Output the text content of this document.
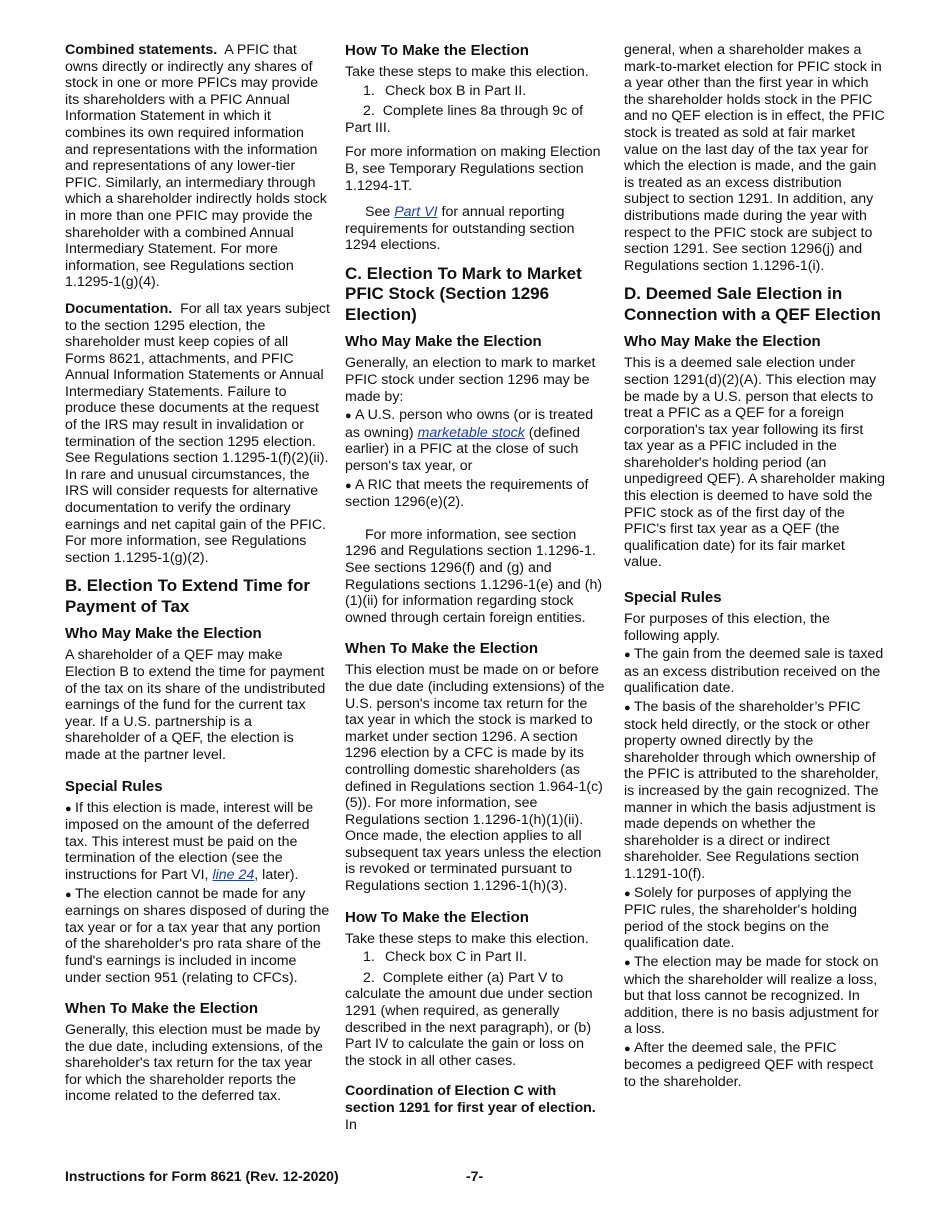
Combined statements. A PFIC that owns directly or indirectly any shares of stock in one or more PFICs may provide its shareholders with a PFIC Annual Information Statement in which it combines its own required information and representations with the information and representations of any lower-tier PFIC. Similarly, an intermediary through which a shareholder indirectly holds stock in more than one PFIC may provide the shareholder with a combined Annual Intermediary Statement. For more information, see Regulations section 1.1295-1(g)(4).

Documentation. For all tax years subject to the section 1295 election, the shareholder must keep copies of all Forms 8621, attachments, and PFIC Annual Information Statements or Annual Intermediary Statements. Failure to produce these documents at the request of the IRS may result in invalidation or termination of the section 1295 election. See Regulations section 1.1295-1(f)(2)(ii). In rare and unusual circumstances, the IRS will consider requests for alternative documentation to verify the ordinary earnings and net capital gain of the PFIC. For more information, see Regulations section 1.1295-1(g)(2).

B. Election To Extend Time for Payment of Tax
Who May Make the Election

A shareholder of a QEF may make Election B to extend the time for payment of the tax on its share of the undistributed earnings of the fund for the current tax year. If a U.S. partnership is a shareholder of a QEF, the election is made at the partner level.

Special Rules
● If this election is made, interest will be imposed on the amount of the deferred tax. This interest must be paid on the termination of the election (see the instructions for Part VI, line 24, later).
● The election cannot be made for any earnings on shares disposed of during the tax year or for a tax year that any portion of the shareholder's pro rata share of the fund's earnings is included in income under section 951 (relating to CFCs).
When To Make the Election

Generally, this election must be made by the due date, including extensions, of the shareholder's tax return for the tax year for which the shareholder reports the income related to the deferred tax.

How To Make the Election

Take these steps to make this election.

1. Check box B in Part II.
2.  Complete lines 8a through 9c of Part III.

For more information on making Election B, see Temporary Regulations section 1.1294-1T.

See Part VI for annual reporting requirements for outstanding section 1294 elections.

C. Election To Mark to Market PFIC Stock (Section 1296 Election)
Who May Make the Election

Generally, an election to mark to market PFIC stock under section 1296 may be made by:

● A U.S. person who owns (or is treated as owning) marketable stock (defined earlier) in a PFIC at the close of such person's tax year, or
● A RIC that meets the requirements of section 1296(e)(2).

For more information, see section 1296 and Regulations section 1.1296-1. See sections 1296(f) and (g) and Regulations sections 1.1296-1(e) and (h)(1)(ii) for information regarding stock owned through certain foreign entities.

When To Make the Election

This election must be made on or before the due date (including extensions) of the U.S. person's income tax return for the tax year in which the stock is marked to market under section 1296. A section 1296 election by a CFC is made by its controlling domestic shareholders (as defined in Regulations section 1.964-1(c)(5)). For more information, see Regulations section 1.1296-1(h)(1)(ii). Once made, the election applies to all subsequent tax years unless the election is revoked or terminated pursuant to Regulations section 1.1296-1(h)(3).

How To Make the Election

Take these steps to make this election.

1. Check box C in Part II.
2.  Complete either (a) Part V to calculate the amount due under section 1291 (when required, as generally described in the next paragraph), or (b) Part IV to calculate the gain or loss on the stock in all other cases.

Coordination of Election C with section 1291 for first year of election.  In

general, when a shareholder makes a mark-to-market election for PFIC stock in a year other than the first year in which the shareholder holds stock in the PFIC and no QEF election is in effect, the PFIC stock is treated as sold at fair market value on the last day of the tax year for which the election is made, and the gain is treated as an excess distribution subject to section 1291. In addition, any distributions made during the year with respect to the PFIC stock are subject to section 1291. See section 1296(j) and Regulations section 1.1296-1(i).

D. Deemed Sale Election in Connection with a QEF Election
Who May Make the Election

This is a deemed sale election under section 1291(d)(2)(A). This election may be made by a U.S. person that elects to treat a PFIC as a QEF for a foreign corporation's tax year following its first tax year as a PFIC included in the shareholder's holding period (an unpedigreed QEF). A shareholder making this election is deemed to have sold the PFIC stock as of the first day of the PFIC's first tax year as a QEF (the qualification date) for its fair market value.

Special Rules

For purposes of this election, the following apply.

● The gain from the deemed sale is taxed as an excess distribution received on the qualification date.
● The basis of the shareholder’s PFIC stock held directly, or the stock or other property owned directly by the shareholder through which ownership of the PFIC is attributed to the shareholder, is increased by the gain recognized. The manner in which the basis adjustment is made depends on whether the shareholder is a direct or indirect shareholder. See Regulations section 1.1291-10(f).
● Solely for purposes of applying the PFIC rules, the shareholder's holding period of the stock begins on the qualification date.
● The election may be made for stock on which the shareholder will realize a loss, but that loss cannot be recognized. In addition, there is no basis adjustment for a loss.
● After the deemed sale, the PFIC becomes a pedigreed QEF with respect to the shareholder.
Instructions for Form 8621 (Rev. 12-2020)	-7-
